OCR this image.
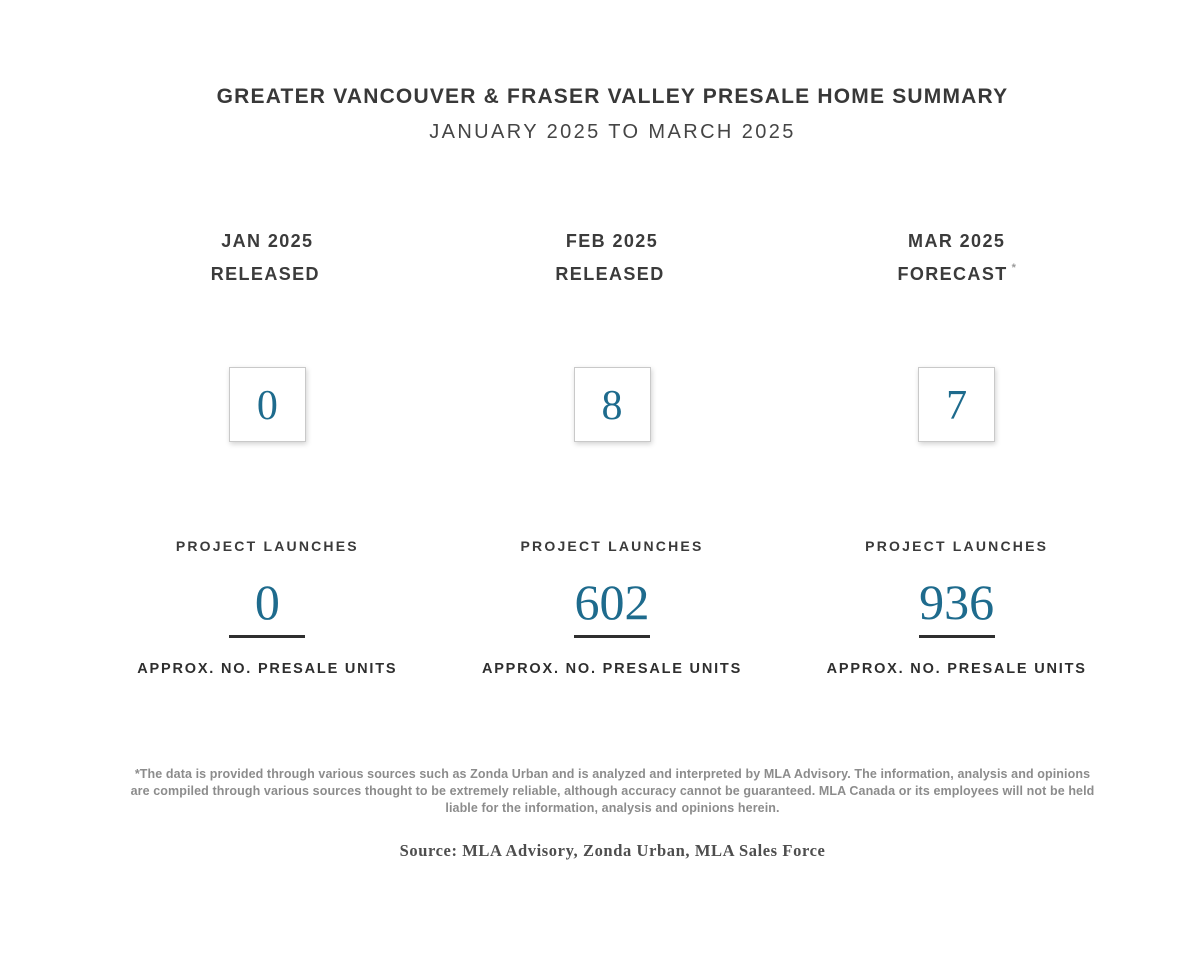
GREATER VANCOUVER & FRASER VALLEY PRESALE HOME SUMMARY
JANUARY 2025 TO MARCH 2025
JAN 2025
RELEASED
0
PROJECT LAUNCHES
0
APPROX. NO. PRESALE UNITS
FEB 2025
RELEASED
8
PROJECT LAUNCHES
602
APPROX. NO. PRESALE UNITS
MAR 2025
FORECAST *
7
PROJECT LAUNCHES
936
APPROX. NO. PRESALE UNITS
*The data is provided through various sources such as Zonda Urban and is analyzed and interpreted by MLA Advisory. The information, analysis and opinions are compiled through various sources thought to be extremely reliable, although accuracy cannot be guaranteed. MLA Canada or its employees will not be held liable for the information, analysis and opinions herein.
Source: MLA Advisory, Zonda Urban, MLA Sales Force
